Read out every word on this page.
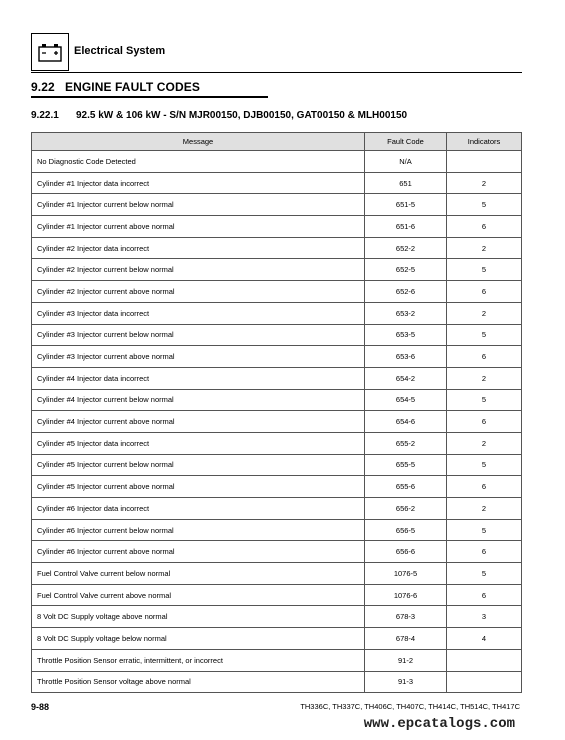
Electrical System
9.22 ENGINE FAULT CODES
9.22.1 92.5 kW & 106 kW - S/N MJR00150, DJB00150, GAT00150 & MLH00150
Message	Fault Code	Indicators
No Diagnostic Code Detected	N/A	
Cylinder #1 Injector data incorrect	651	2
Cylinder #1 Injector current below normal	651-5	5
Cylinder #1 Injector current above normal	651-6	6
Cylinder #2 Injector data incorrect	652-2	2
Cylinder #2 Injector current below normal	652-5	5
Cylinder #2 Injector current above normal	652-6	6
Cylinder #3 Injector data incorrect	653-2	2
Cylinder #3 Injector current below normal	653-5	5
Cylinder #3 Injector current above normal	653-6	6
Cylinder #4 Injector data incorrect	654-2	2
Cylinder #4 Injector current below normal	654-5	5
Cylinder #4 Injector current above normal	654-6	6
Cylinder #5 Injector data incorrect	655-2	2
Cylinder #5 Injector current below normal	655-5	5
Cylinder #5 Injector current above normal	655-6	6
Cylinder #6 Injector data incorrect	656-2	2
Cylinder #6 Injector current below normal	656-5	5
Cylinder #6 Injector current above normal	656-6	6
Fuel Control Valve current below normal	1076-5	5
Fuel Control Valve current above normal	1076-6	6
8 Volt DC Supply voltage above normal	678-3	3
8 Volt DC Supply voltage below normal	678-4	4
Throttle Position Sensor erratic, intermittent, or incorrect	91-2	
Throttle Position Sensor voltage above normal	91-3	
9-88	TH336C, TH337C, TH406C, TH407C, TH414C, TH514C, TH417C
www.epcatalogs.com
